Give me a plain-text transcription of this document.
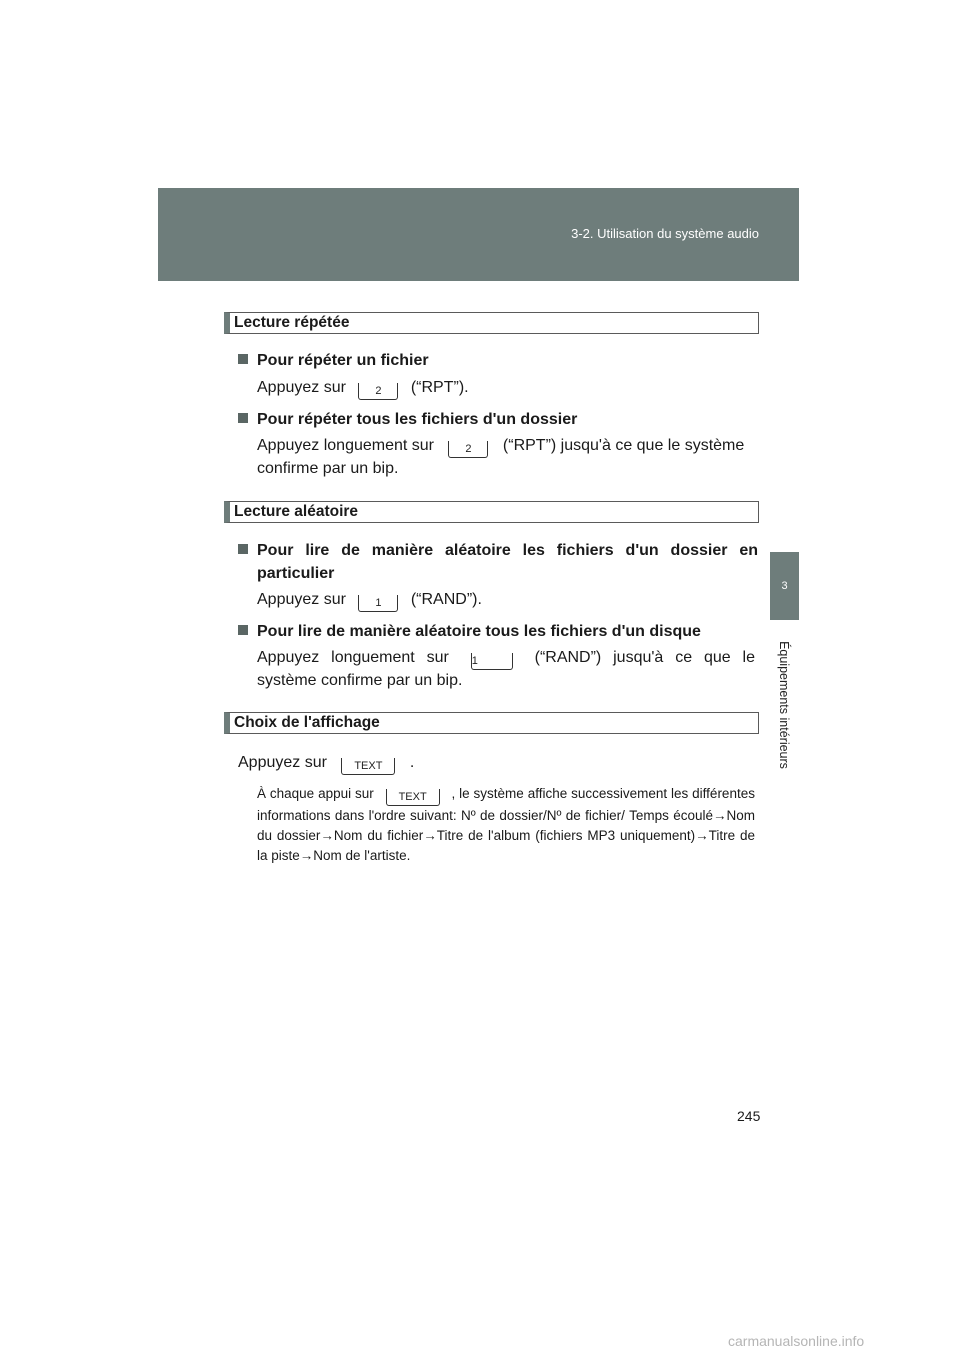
3-2. Utilisation du système audio
3
Équipements intérieurs
Lecture répétée
Pour répéter un fichier
Appuyez sur	2 (“RPT”).
Pour répéter tous les fichiers d'un dossier
Appuyez longuement sur	2 (“RPT”) jusqu'à ce que le système
confirme par un bip.
Lecture aléatoire
Pour lire de manière aléatoire les fichiers d'un dossier en
particulier
Appuyez sur	1 (“RAND”).
Pour lire de manière aléatoire tous les fichiers d'un disque
Appuyez longuement sur 1	(“RAND”) jusqu'à ce que le
système confirme par un bip.
Choix de l'affichage
Appuyez sur TEXT .
À chaque appui sur TEXT , le système affiche successivement les différentes informations dans l'ordre suivant: Nº de dossier/Nº de fichier/ Temps écoulé→Nom du dossier→Nom du fichier→Titre de l'album (fichiers MP3 uniquement)→Titre de la piste→Nom de l'artiste.
245
carmanualsonline.info
